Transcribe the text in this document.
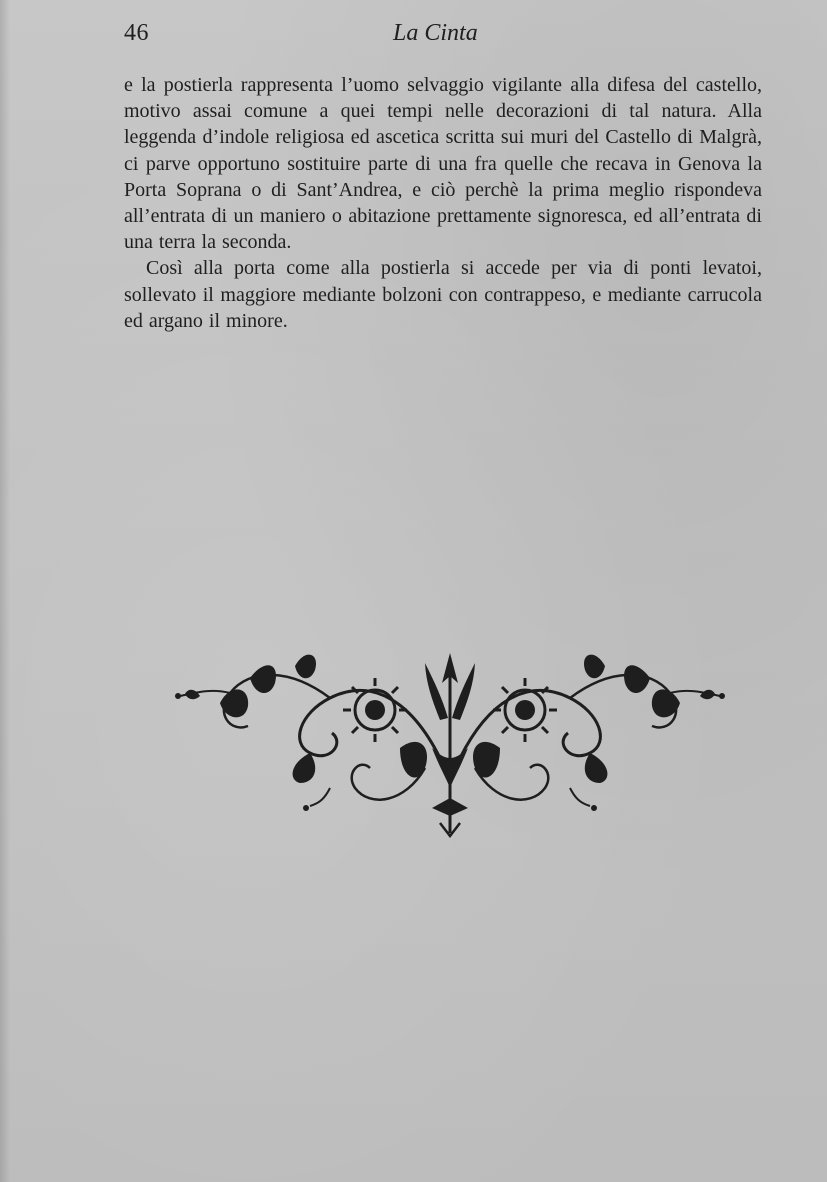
46	La Cinta

e la postierla rappresenta l’uomo selvaggio vigilante alla difesa del castello, motivo assai comune a quei tempi nelle decorazioni di tal natura. Alla leggenda d’indole religiosa ed ascetica scritta sui muri del Castello di Malgrà, ci parve opportuno sostituire parte di una fra quelle che recava in Genova la Porta Soprana o di Sant’Andrea, e ciò perchè la prima meglio rispondeva all’entrata di un maniero o abitazione prettamente signoresca, ed all’entrata di una terra la seconda.

Così alla porta come alla postierla si accede per via di ponti levatoi, sollevato il maggiore mediante bolzoni con contrappeso, e mediante carrucola ed argano il minore.
